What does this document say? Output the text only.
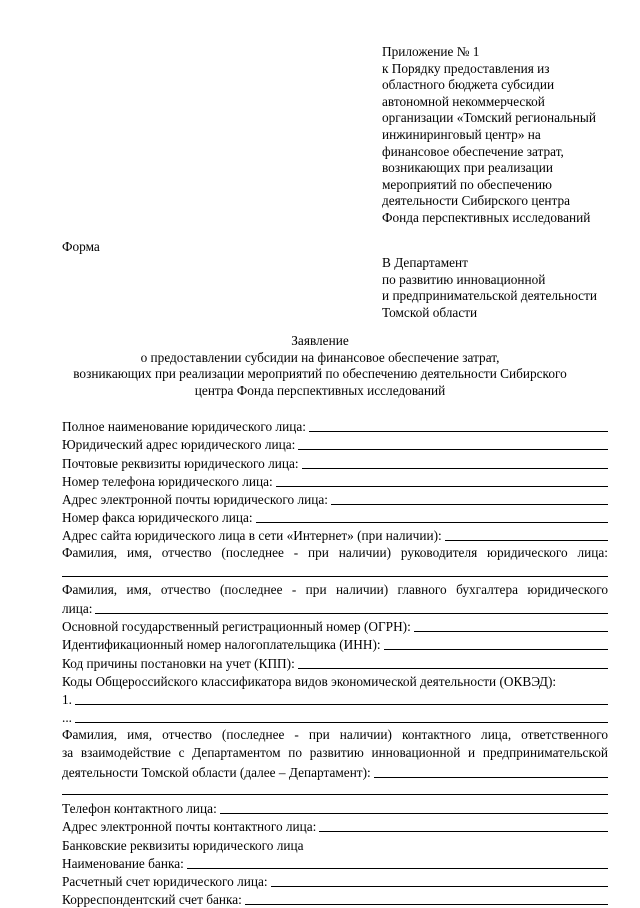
Приложение № 1
к Порядку предоставления из
областного бюджета субсидии
автономной некоммерческой
организации «Томский региональный
инжиниринговый центр» на
финансовое обеспечение затрат,
возникающих при реализации
мероприятий по обеспечению
деятельности Сибирского центра
Фонда перспективных исследований
Форма
В Департамент
по развитию инновационной
и предпринимательской деятельности
Томской области
Заявление
о предоставлении субсидии на финансовое обеспечение затрат,
возникающих при реализации мероприятий по обеспечению деятельности Сибирского
центра Фонда перспективных исследований
Полное наименование юридического лица:
Юридический адрес юридического лица:
Почтовые реквизиты юридического лица:
Номер телефона юридического лица:
Адрес электронной почты юридического лица:
Номер факса юридического лица:
Адрес сайта юридического лица в сети «Интернет» (при наличии):
Фамилия, имя, отчество (последнее - при наличии) руководителя юридического лица:
Фамилия, имя, отчество (последнее - при наличии) главного бухгалтера юридического
лица:
Основной государственный регистрационный номер (ОГРН):
Идентификационный номер налогоплательщика (ИНН):
Код причины постановки на учет (КПП):
Коды Общероссийского классификатора видов экономической деятельности (ОКВЭД):
1.
...
Фамилия, имя, отчество (последнее - при наличии) контактного лица, ответственного
за взаимодействие с Департаментом по развитию инновационной и предпринимательской
деятельности Томской области (далее – Департамент):
Телефон контактного лица:
Адрес электронной почты контактного лица:
Банковские реквизиты юридического лица
Наименование банка:
Расчетный счет юридического лица:
Корреспондентский счет банка:
